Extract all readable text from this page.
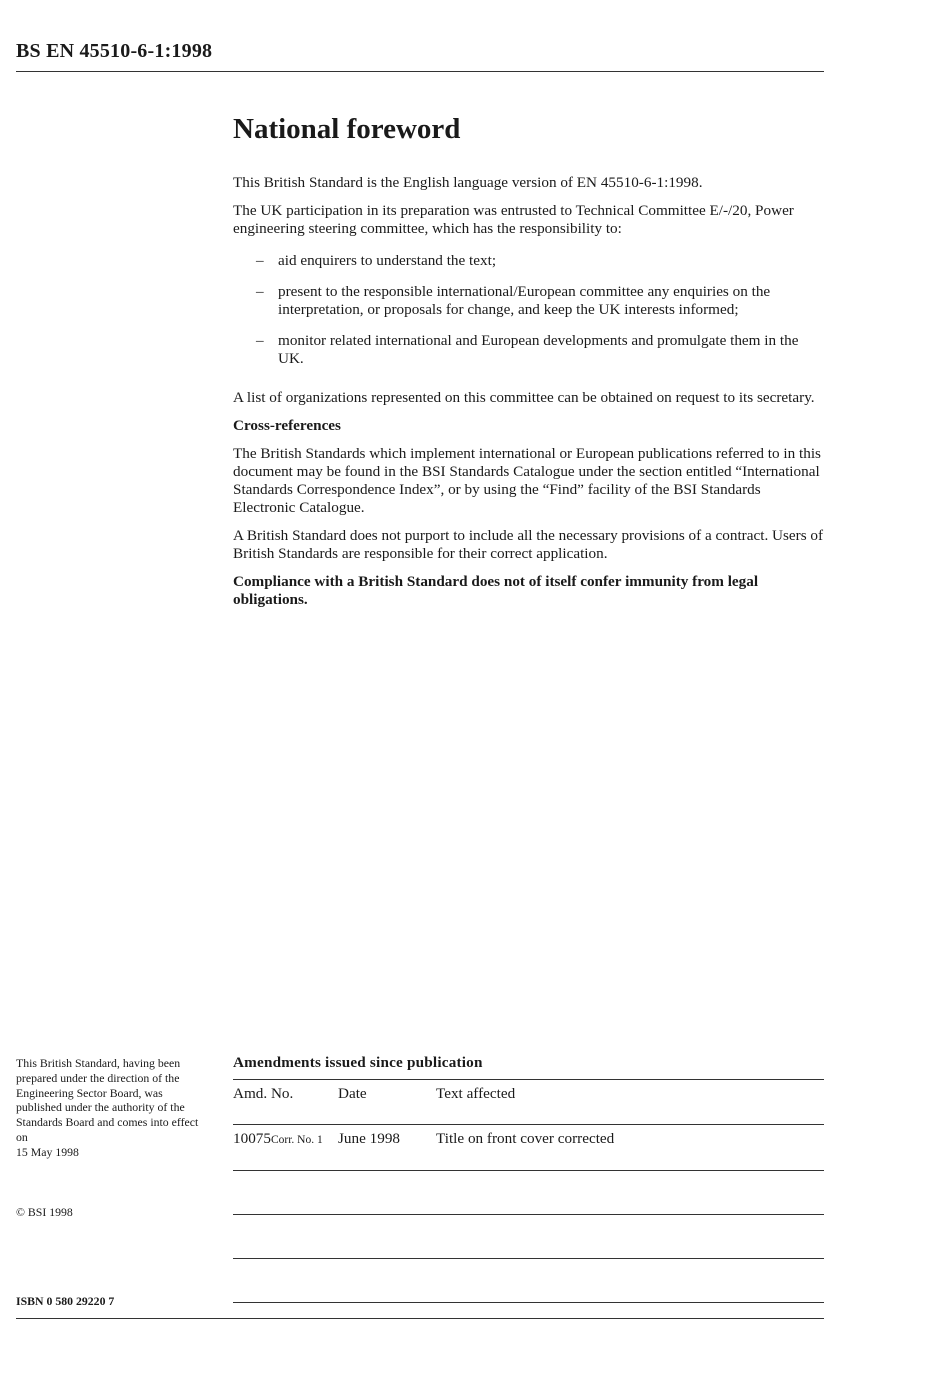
BS EN 45510-6-1:1998
National foreword

This British Standard is the English language version of EN 45510-6-1:1998.

The UK participation in its preparation was entrusted to Technical Committee E/-/20, Power engineering steering committee, which has the responsibility to:

– aid enquirers to understand the text;
– present to the responsible international/European committee any enquiries on the interpretation, or proposals for change, and keep the UK interests informed;
– monitor related international and European developments and promulgate them in the UK.

A list of organizations represented on this committee can be obtained on request to its secretary.

Cross-references

The British Standards which implement international or European publications referred to in this document may be found in the BSI Standards Catalogue under the section entitled “International Standards Correspondence Index”, or by using the “Find” facility of the BSI Standards Electronic Catalogue.

A British Standard does not purport to include all the necessary provisions of a contract. Users of British Standards are responsible for their correct application.

Compliance with a British Standard does not of itself confer immunity from legal obligations.

This British Standard, having been prepared under the direction of the Engineering Sector Board, was published under the authority of the Standards Board and comes into effect on

15 May 1998

© BSI 1998
ISBN 0 580 29220 7
Amendments issued since publication
Amd. No.	Date	Text affected
10075Corr. No. 1 June 1998 Title on front cover corrected
